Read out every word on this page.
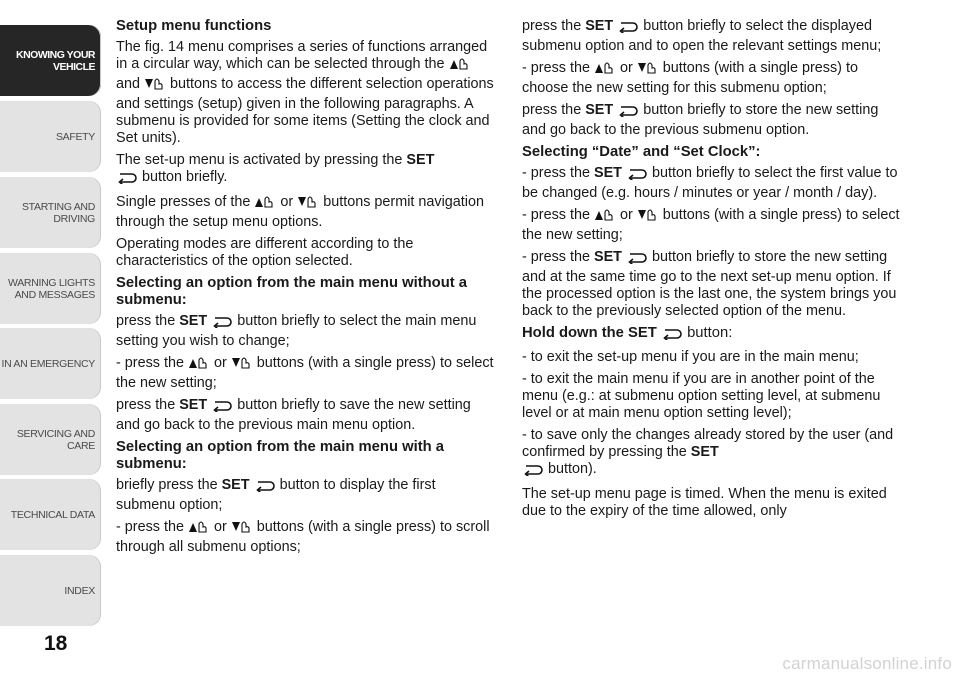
KNOWING YOUR
VEHICLE
SAFETY
STARTING AND
DRIVING
WARNING LIGHTS
AND MESSAGES
IN AN EMERGENCY
SERVICING AND
CARE
TECHNICAL DATA
INDEX
18

Setup menu functions

The fig. 14 menu comprises a series of functions arranged in a circular way, which can be selected through the  and buttons to access the different selection operations and settings (setup) given in the following paragraphs. A submenu is provided for some items (Setting the clock and Set units).

The set-up menu is activated by pressing the SET
button briefly.

Single presses of the or buttons permit navigation through the setup menu options.

Operating modes are different according to the characteristics of the option selected.

Selecting an option from the main menu without a submenu:

press the SET button briefly to select the main menu setting you wish to change;

- press the or buttons (with a single press) to select the new setting;

press the SET button briefly to save the new setting and go back to the previous main menu option.

Selecting an option from the main menu with a submenu:

briefly press the SET button to display the first submenu option;

- press the or buttons (with a single press) to scroll through all submenu options;

press the SET button briefly to select the displayed submenu option and to open the relevant settings menu;

- press the or buttons (with a single press) to choose the new setting for this submenu option;

press the SET button briefly to store the new setting and go back to the previous submenu option.

Selecting “Date” and “Set Clock”:

- press the SET button briefly to select the first value to be changed (e.g. hours / minutes or year / month / day).

- press the or buttons (with a single press) to select the new setting;

- press the SET button briefly to store the new setting and at the same time go to the next set-up menu option. If the processed option is the last one, the system brings you back to the previously selected option of the menu.

Hold down the SET button:

- to exit the set-up menu if you are in the main menu;

- to exit the main menu if you are in another point of the menu (e.g.: at submenu option setting level, at submenu level or at main menu option setting level);

- to save only the changes already stored by the user (and confirmed by pressing the SET
button).

The set-up menu page is timed. When the menu is exited due to the expiry of the time allowed, only

carmanualsonline.info
